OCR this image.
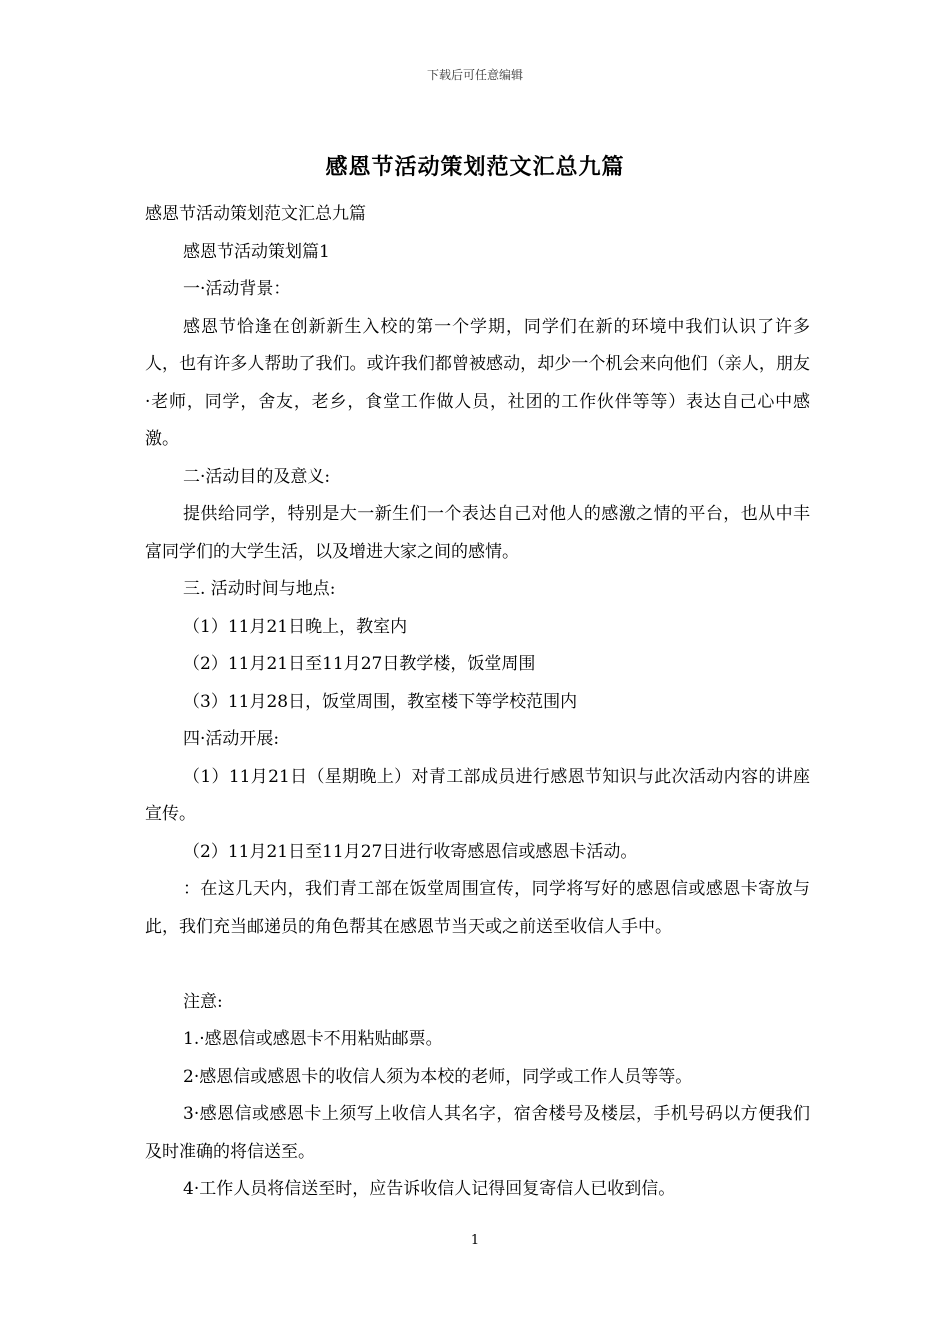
下载后可任意编辑
感恩节活动策划范文汇总九篇

感恩节活动策划范文汇总九篇

感恩节活动策划篇1

一·活动背景：

感恩节恰逢在创新新生入校的第一个学期，同学们在新的环境中我们认识了许多人，也有许多人帮助了我们。或许我们都曾被感动，却少一个机会来向他们（亲人，朋友·老师，同学，舍友，老乡，食堂工作做人员，社团的工作伙伴等等）表达自己心中感激。

二·活动目的及意义:

提供给同学，特别是大一新生们一个表达自己对他人的感激之情的平台，也从中丰富同学们的大学生活，以及增进大家之间的感情。

三. 活动时间与地点:

（1）11月21日晚上，教室内

（2）11月21日至11月27日教学楼，饭堂周围

（3）11月28日，饭堂周围，教室楼下等学校范围内

四·活动开展:

（1）11月21日（星期晚上）对青工部成员进行感恩节知识与此次活动内容的讲座宣传。

（2）11月21日至11月27日进行收寄感恩信或感恩卡活动。

：在这几天内，我们青工部在饭堂周围宣传，同学将写好的感恩信或感恩卡寄放与此，我们充当邮递员的角色帮其在感恩节当天或之前送至收信人手中。

注意:

1.·感恩信或感恩卡不用粘贴邮票。

2·感恩信或感恩卡的收信人须为本校的老师，同学或工作人员等等。

3·感恩信或感恩卡上须写上收信人其名字，宿舍楼号及楼层，手机号码以方便我们及时准确的将信送至。

4·工作人员将信送至时，应告诉收信人记得回复寄信人已收到信。

1
